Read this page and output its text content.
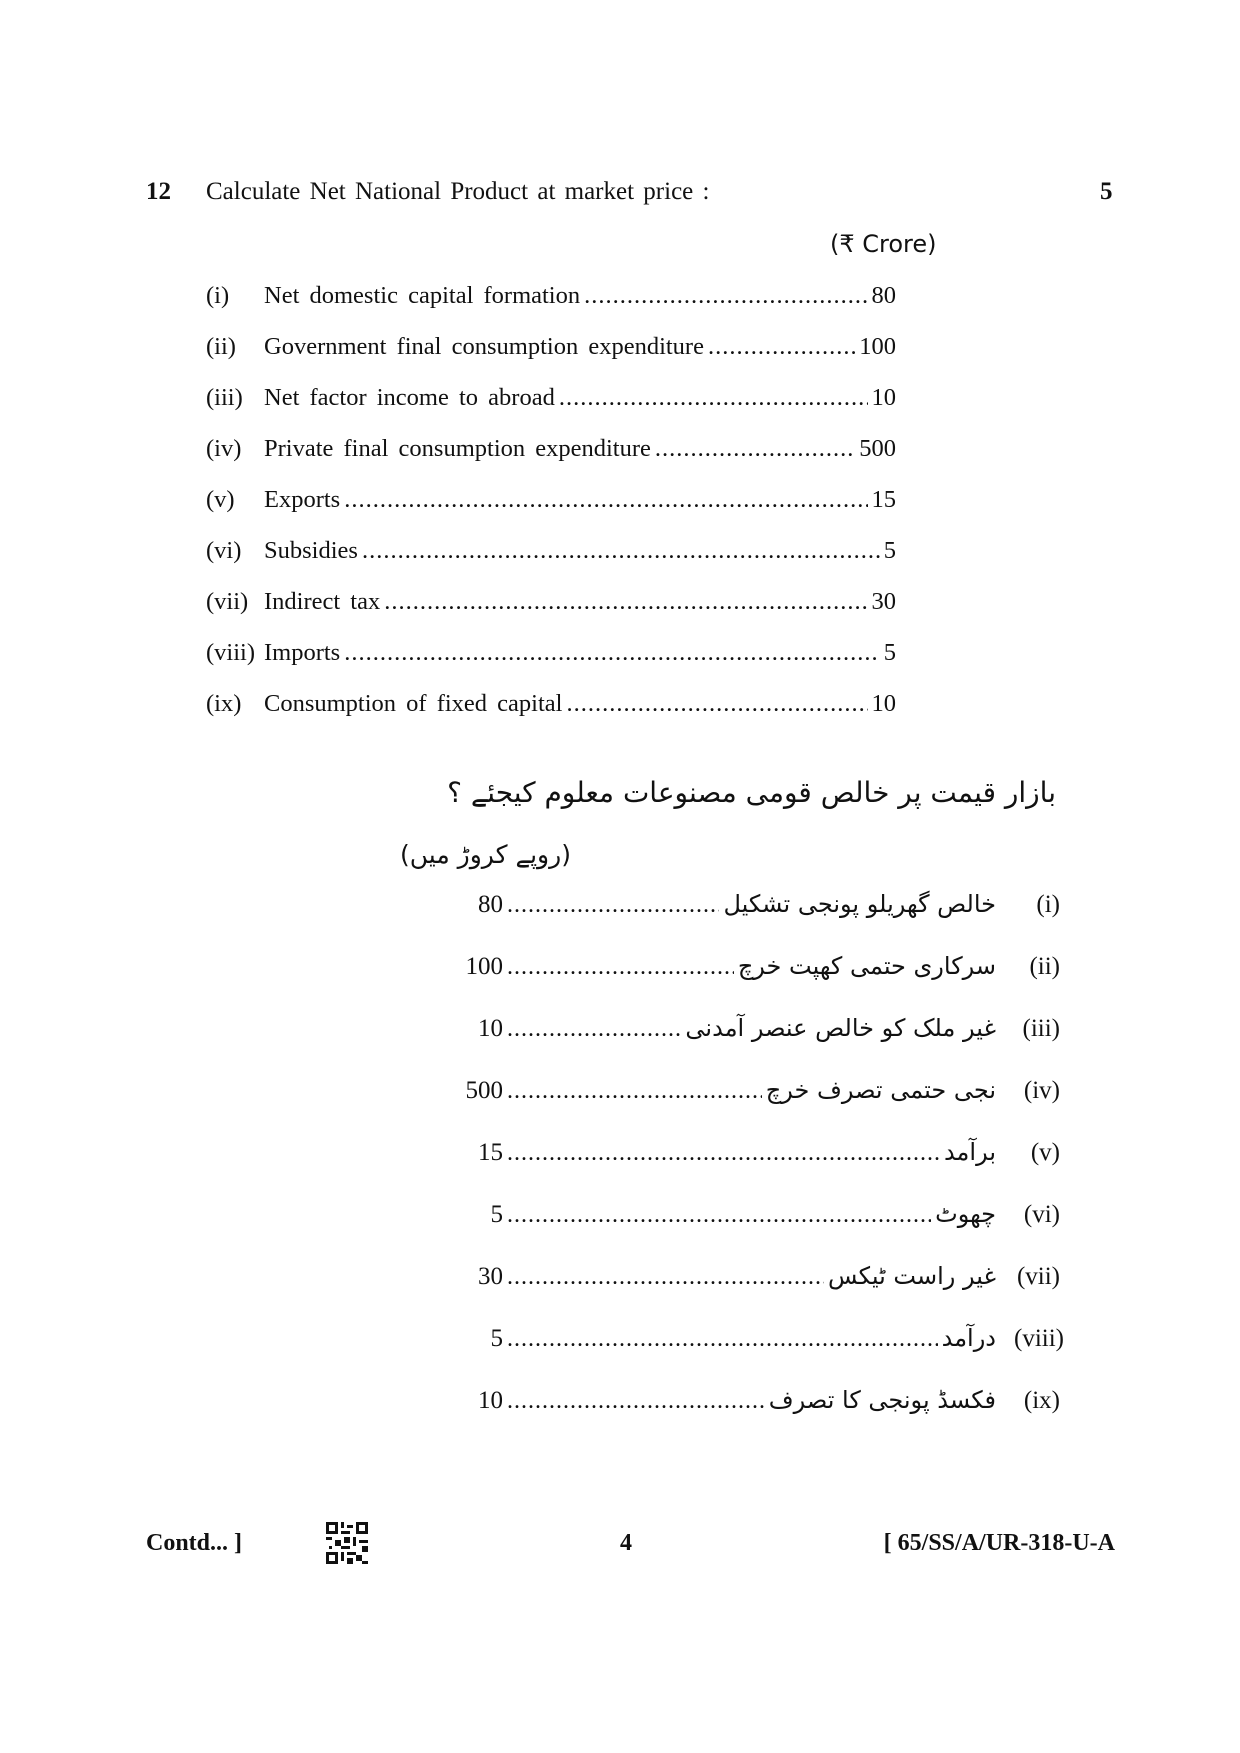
12 Calculate Net National Product at market price :	5
(₹ Crore)
(i)	Net domestic capital formation .....	80
(ii)	Government final consumption expenditure .....	100
(iii) Net factor income to abroad .....	10
(iv) Private final consumption expenditure .....	500
(v)	Exports .....	15
(vi) Subsidies .....	5
(vii) Indirect tax .....	30
(viii) Imports .....	5
(ix) Consumption of fixed capital .....	10
بازار قیمت پر خالص قومی مصنوعات معلوم کیجئے ؟
(روپے کروڑ میں)
80 .....	خالص گھریلو پونجی تشکیل	(i)
100 .....	سرکاری حتمی کھپت خرچ	(ii)
10 .....	غیر ملک کو خالص عنصر آمدنی	(iii)
500 .....	نجی حتمی تصرف خرچ	(iv)
15 .....	برآمد	(v)
5 .....	چھوٹ	(vi)
30 .....	غیر راست ٹیکس (vii)
5 .....	درآمد (viii)
10 .....	فکسڈ پونجی کا تصرف	(ix)
Contd... ]	4	[ 65/SS/A/UR-318-U-A
